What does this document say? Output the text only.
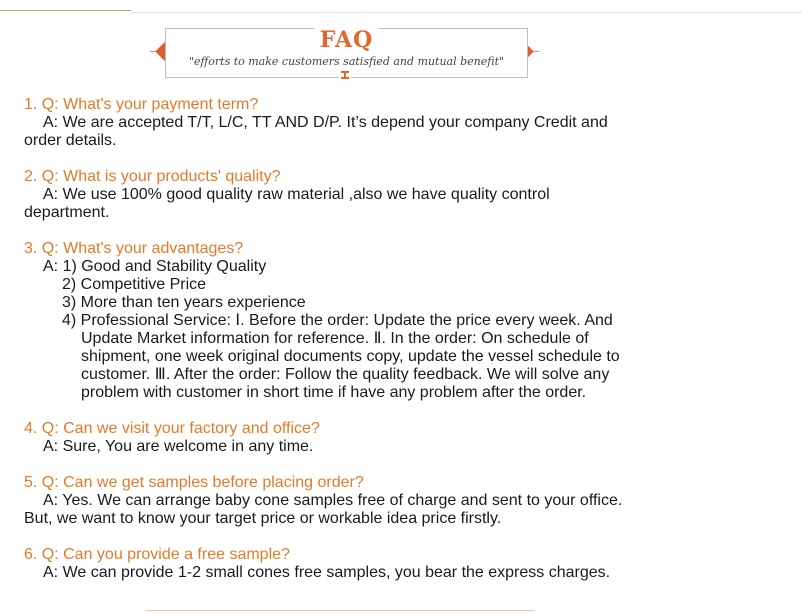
FAQ
"efforts to make customers satisfied and mutual benefit"
1. Q: What's your payment term?
A: We are accepted T/T, L/C, TT AND D/P. It’s depend your company Credit and
order details.
2. Q: What is your products' quality?
A: We use 100% good quality raw material ,also we have quality control
department.
3. Q: What's your advantages?
A: 1) Good and Stability Quality
2) Competitive Price
3) More than ten years experience
4) Professional Service: Ⅰ. Before the order: Update the price every week. And
Update Market information for reference. Ⅱ. In the order: On schedule of
shipment, one week original documents copy, update the vessel schedule to
customer. Ⅲ. After the order: Follow the quality feedback. We will solve any
problem with customer in short time if have any problem after the order.
4. Q: Can we visit your factory and office?
A: Sure, You are welcome in any time.
5. Q: Can we get samples before placing order?
A: Yes. We can arrange baby cone samples free of charge and sent to your office.
But, we want to know your target price or workable idea price firstly.
6. Q: Can you provide a free sample?
A: We can provide 1-2 small cones free samples, you bear the express charges.
